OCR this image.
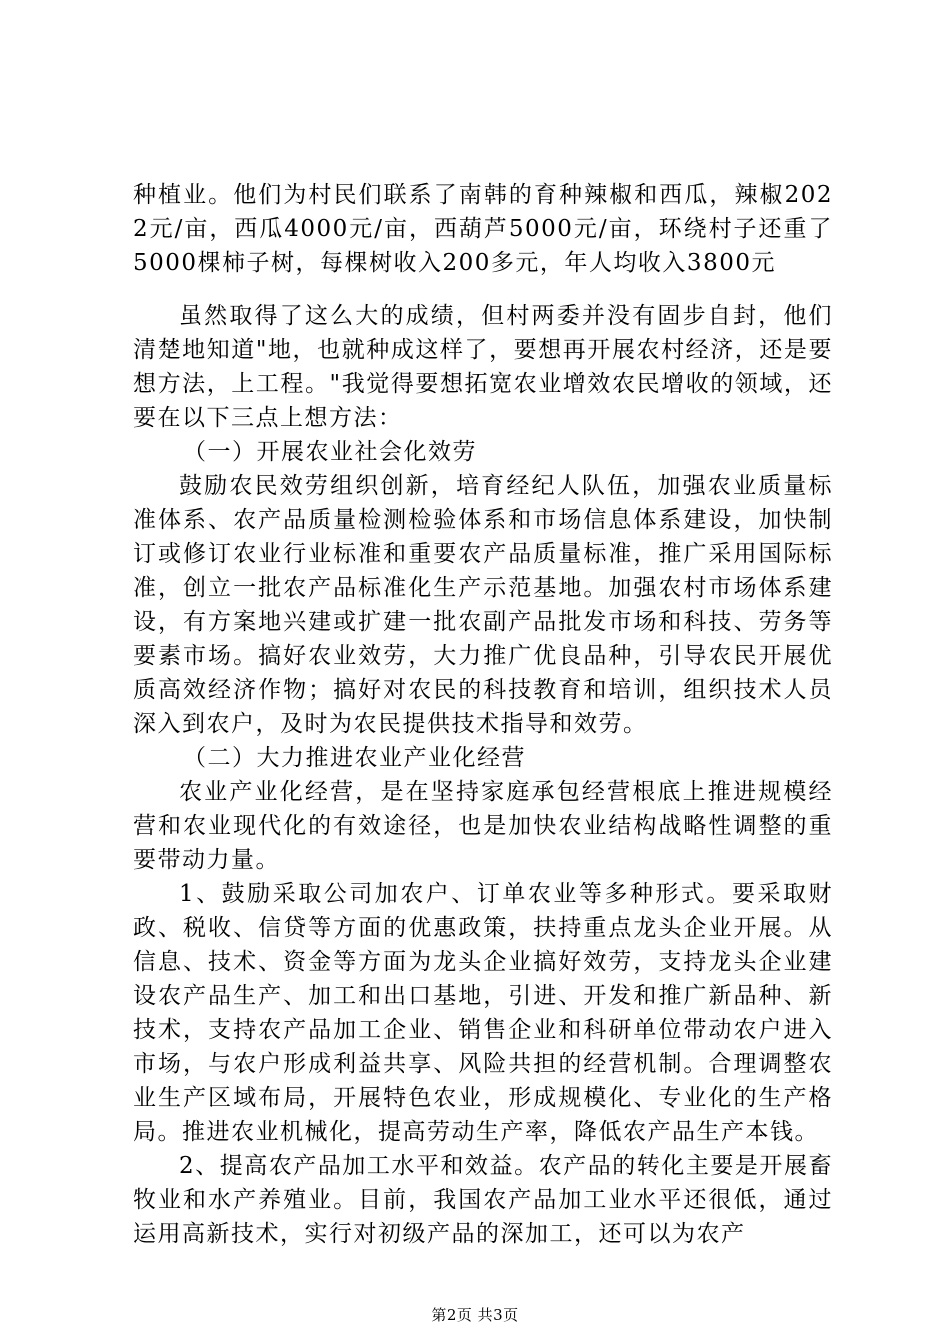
种植业。他们为村民们联系了南韩的育种辣椒和西瓜，辣椒2022元/亩，西瓜4000元/亩，西葫芦5000元/亩，环绕村子还重了5000棵柿子树，每棵树收入200多元，年人均收入3800元

虽然取得了这么大的成绩，但村两委并没有固步自封，他们清楚地知道"地，也就种成这样了，要想再开展农村经济，还是要想方法，上工程。"我觉得要想拓宽农业增效农民增收的领域，还要在以下三点上想方法：

（一）开展农业社会化效劳

鼓励农民效劳组织创新，培育经纪人队伍，加强农业质量标准体系、农产品质量检测检验体系和市场信息体系建设，加快制订或修订农业行业标准和重要农产品质量标准，推广采用国际标准，创立一批农产品标准化生产示范基地。加强农村市场体系建设，有方案地兴建或扩建一批农副产品批发市场和科技、劳务等要素市场。搞好农业效劳，大力推广优良品种，引导农民开展优质高效经济作物；搞好对农民的科技教育和培训，组织技术人员深入到农户，及时为农民提供技术指导和效劳。

（二）大力推进农业产业化经营

农业产业化经营，是在坚持家庭承包经营根底上推进规模经营和农业现代化的有效途径，也是加快农业结构战略性调整的重要带动力量。

1、鼓励采取公司加农户、订单农业等多种形式。要采取财政、税收、信贷等方面的优惠政策，扶持重点龙头企业开展。从信息、技术、资金等方面为龙头企业搞好效劳，支持龙头企业建设农产品生产、加工和出口基地，引进、开发和推广新品种、新技术，支持农产品加工企业、销售企业和科研单位带动农户进入市场，与农户形成利益共享、风险共担的经营机制。合理调整农业生产区域布局，开展特色农业，形成规模化、专业化的生产格局。推进农业机械化，提高劳动生产率，降低农产品生产本钱。

2、提高农产品加工水平和效益。农产品的转化主要是开展畜牧业和水产养殖业。目前，我国农产品加工业水平还很低，通过运用高新技术，实行对初级产品的深加工，还可以为农产

第2页 共3页
